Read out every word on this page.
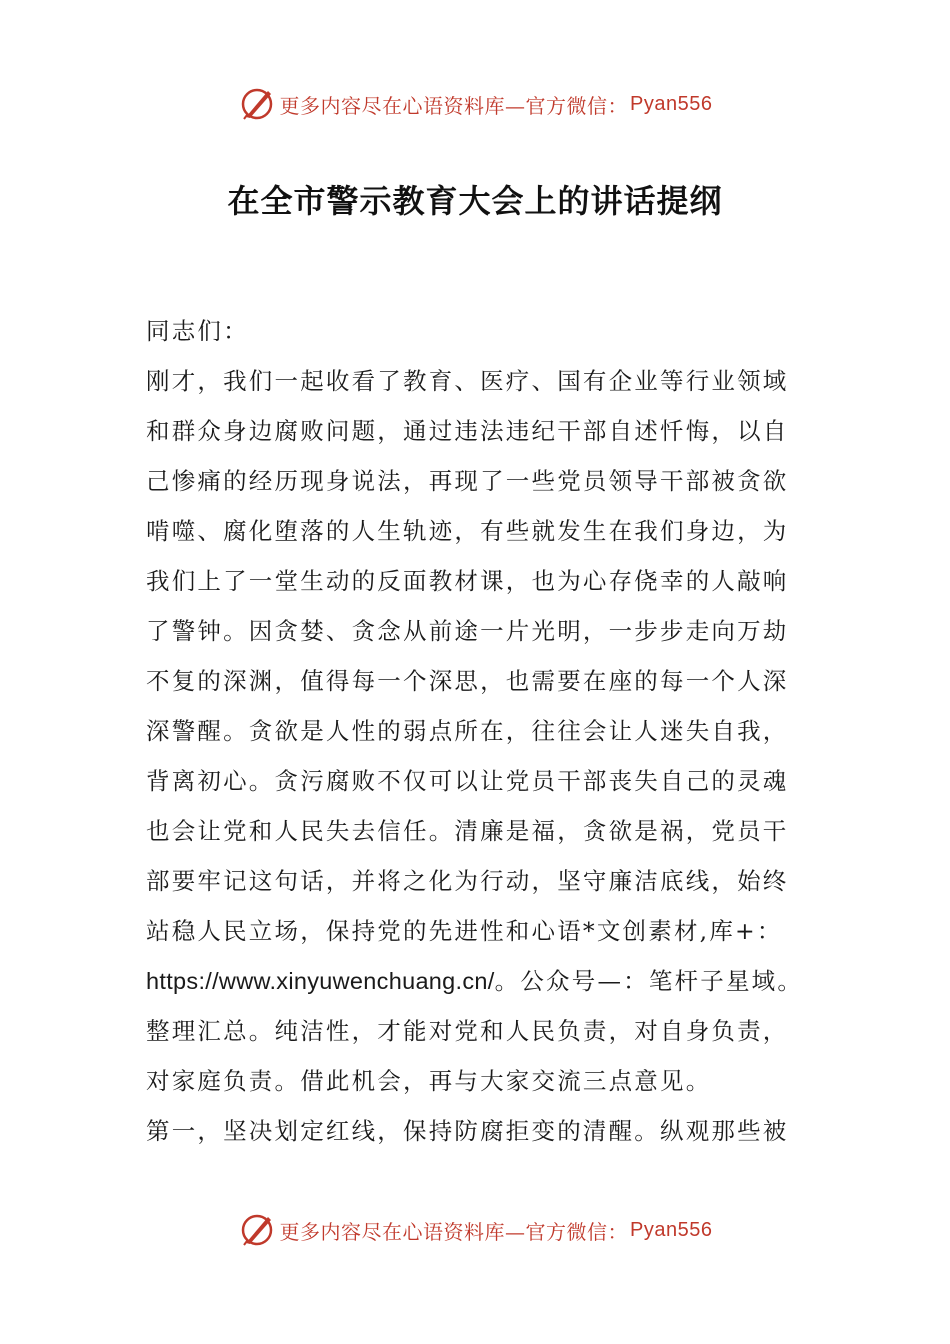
更多内容尽在心语资料库—官方微信： Pyan556
在全市警示教育大会上的讲话提纲
同志们：
刚才，我们一起收看了教育、医疗、国有企业等行业领域
和群众身边腐败问题，通过违法违纪干部自述忏悔，以自
己惨痛的经历现身说法，再现了一些党员领导干部被贪欲
啃噬、腐化堕落的人生轨迹，有些就发生在我们身边，为
我们上了一堂生动的反面教材课，也为心存侥幸的人敲响
了警钟。因贪婪、贪念从前途一片光明，一步步走向万劫
不复的深渊，值得每一个深思，也需要在座的每一个人深
深警醒。贪欲是人性的弱点所在，往往会让人迷失自我，
背离初心。贪污腐败不仅可以让党员干部丧失自己的灵魂
也会让党和人民失去信任。清廉是福，贪欲是祸，党员干
部要牢记这句话，并将之化为行动，坚守廉洁底线，始终
站稳人民立场，保持党的先进性和心语*文创素材,库+：
https://www.xinyuwenchuang.cn/。公众号—：笔杆子星域。
整理汇总。纯洁性，才能对党和人民负责，对自身负责，
对家庭负责。借此机会，再与大家交流三点意见。
第一，坚决划定红线，保持防腐拒变的清醒。纵观那些被
更多内容尽在心语资料库—官方微信： Pyan556
